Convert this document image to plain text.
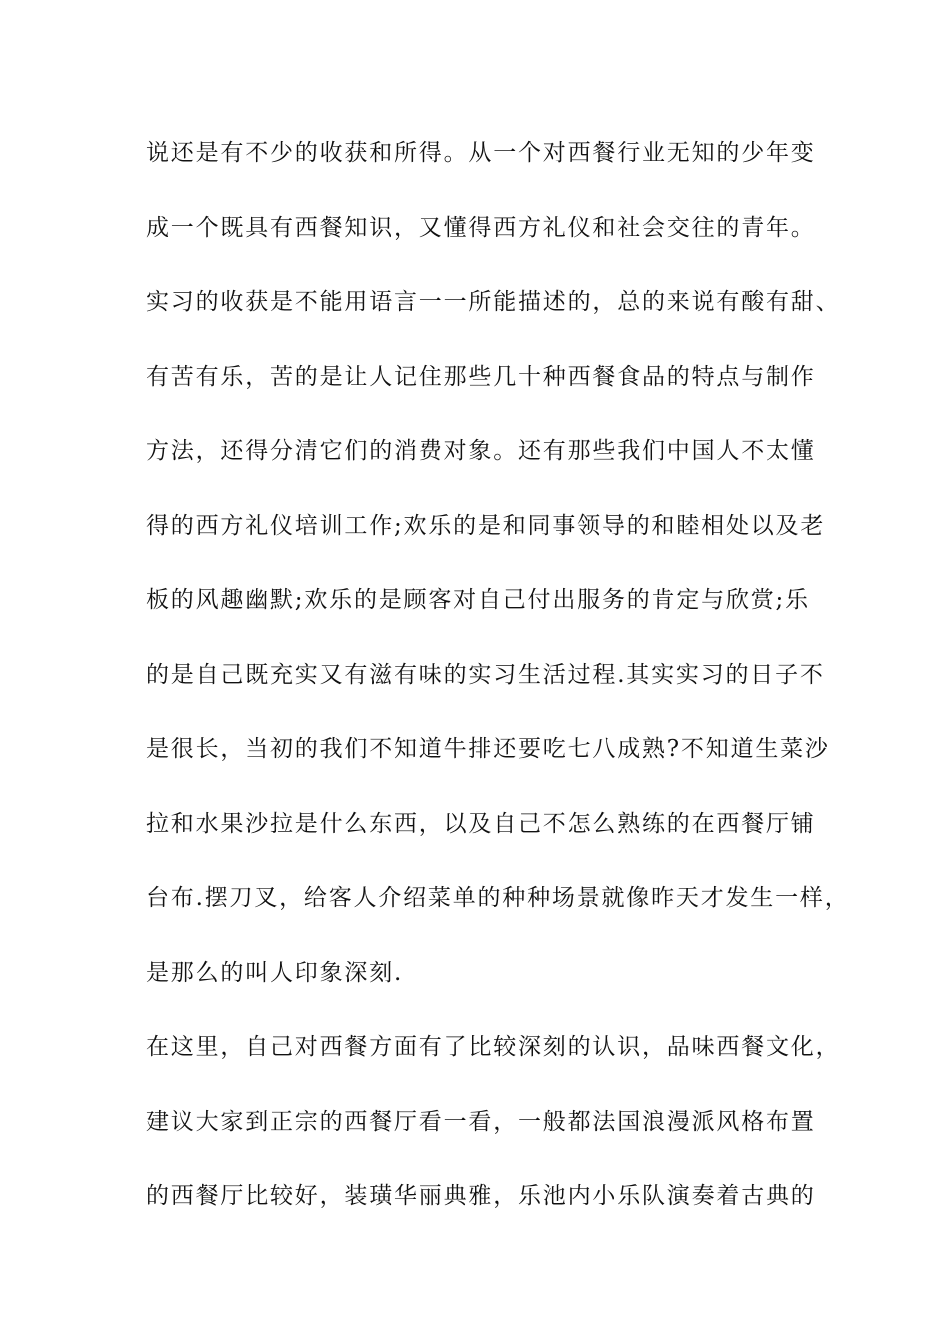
说还是有不少的收获和所得。从一个对西餐行业无知的少年变
成一个既具有西餐知识，又懂得西方礼仪和社会交往的青年。
实习的收获是不能用语言一一所能描述的，总的来说有酸有甜、
有苦有乐，苦的是让人记住那些几十种西餐食品的特点与制作
方法，还得分清它们的消费对象。还有那些我们中国人不太懂
得的西方礼仪培训工作;欢乐的是和同事领导的和睦相处以及老
板的风趣幽默;欢乐的是顾客对自己付出服务的肯定与欣赏;乐
的是自己既充实又有滋有味的实习生活过程.其实实习的日子不
是很长，当初的我们不知道牛排还要吃七八成熟?不知道生菜沙
拉和水果沙拉是什么东西，以及自己不怎么熟练的在西餐厅铺
台布.摆刀叉，给客人介绍菜单的种种场景就像昨天才发生一样，
是那么的叫人印象深刻.
在这里，自己对西餐方面有了比较深刻的认识，品味西餐文化，
建议大家到正宗的西餐厅看一看，一般都法国浪漫派风格布置
的西餐厅比较好，装璜华丽典雅，乐池内小乐队演奏着古典的
